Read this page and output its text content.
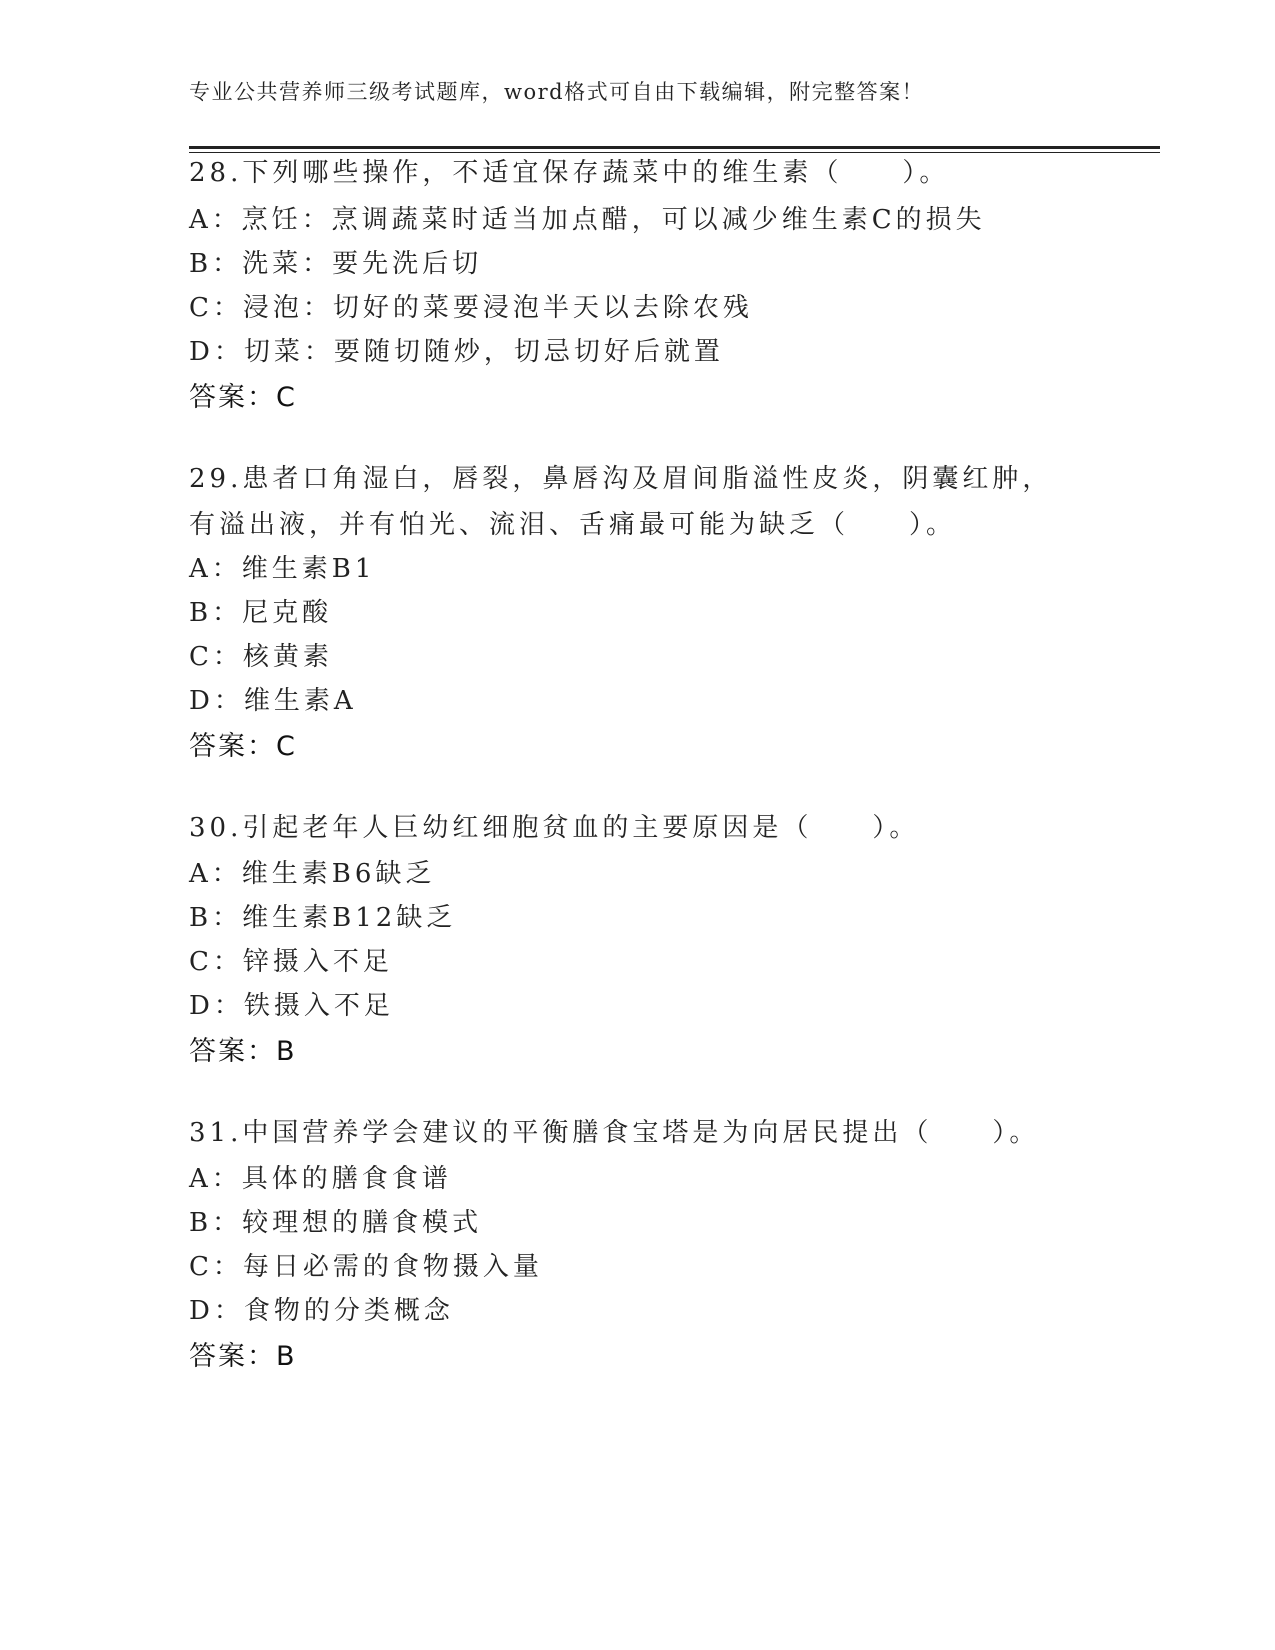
专业公共营养师三级考试题库，word格式可自由下载编辑，附完整答案！
28.下列哪些操作，不适宜保存蔬菜中的维生素（　　）。
A：烹饪：烹调蔬菜时适当加点醋，可以减少维生素C的损失
B：洗菜：要先洗后切
C：浸泡：切好的菜要浸泡半天以去除农残
D：切菜：要随切随炒，切忌切好后就置
答案：C
29.患者口角湿白，唇裂，鼻唇沟及眉间脂溢性皮炎，阴囊红肿，有溢出液，并有怕光、流泪、舌痛最可能为缺乏（　　）。
A：维生素B1
B：尼克酸
C：核黄素
D：维生素A
答案：C
30.引起老年人巨幼红细胞贫血的主要原因是（　　）。
A：维生素B6缺乏
B：维生素B12缺乏
C：锌摄入不足
D：铁摄入不足
答案：B
31.中国营养学会建议的平衡膳食宝塔是为向居民提出（　　）。
A：具体的膳食食谱
B：较理想的膳食模式
C：每日必需的食物摄入量
D：食物的分类概念
答案：B
